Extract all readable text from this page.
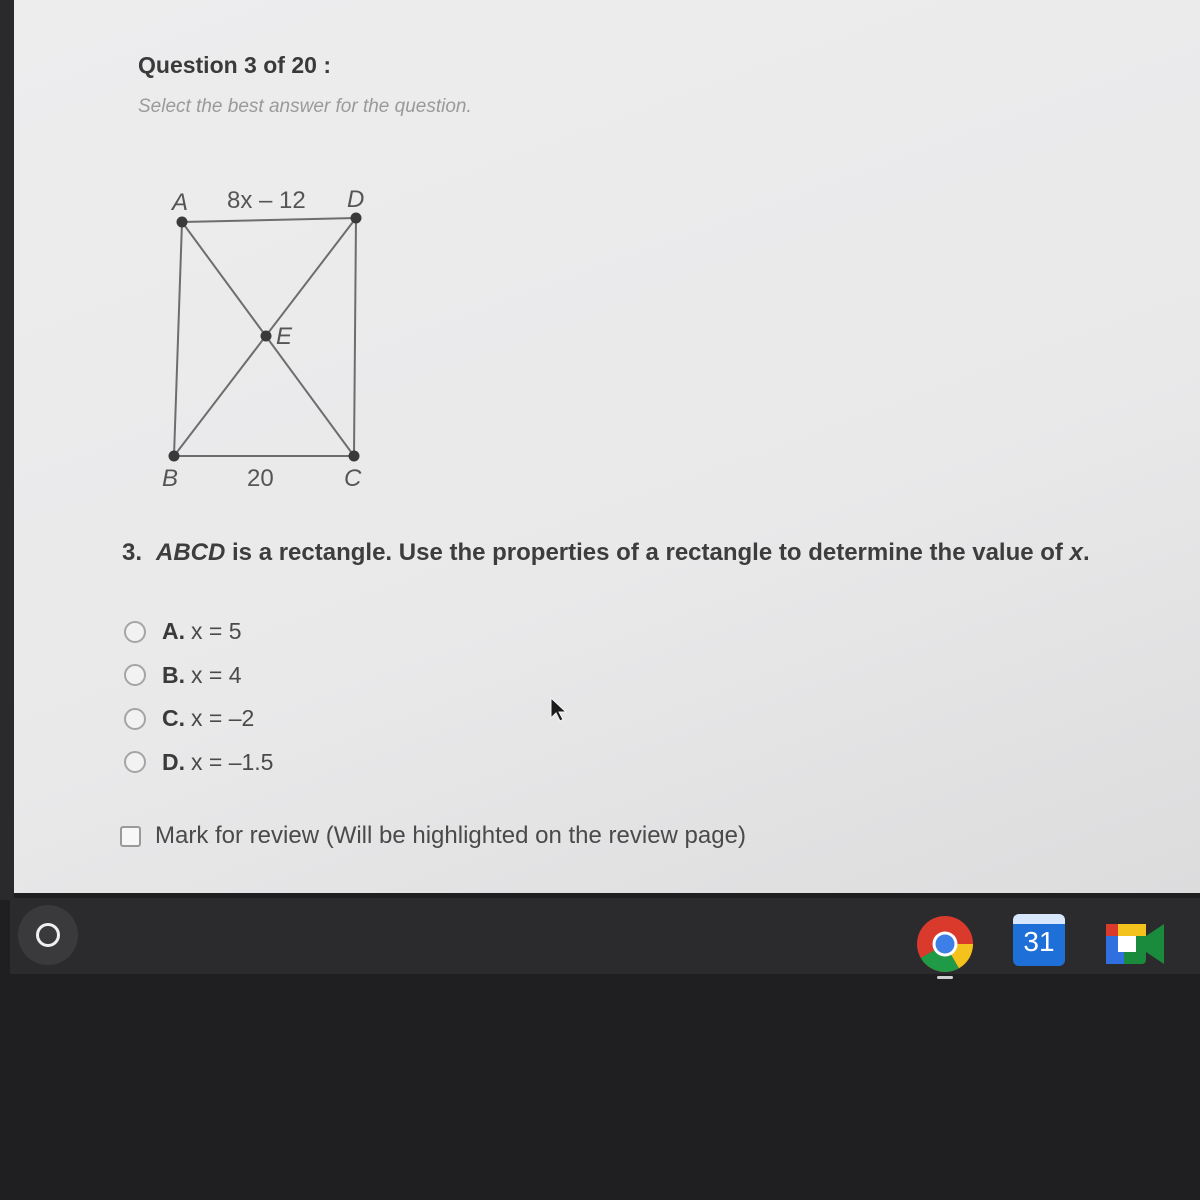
Question 3 of 20 :
Select the best answer for the question.
A 8x – 12 D
E
B	20	C
3. ABCD is a rectangle. Use the properties of a rectangle to determine the value of x.
A. x = 5
B. x = 4
C. x = –2
D. x = –1.5
Mark for review (Will be highlighted on the review page)
31
